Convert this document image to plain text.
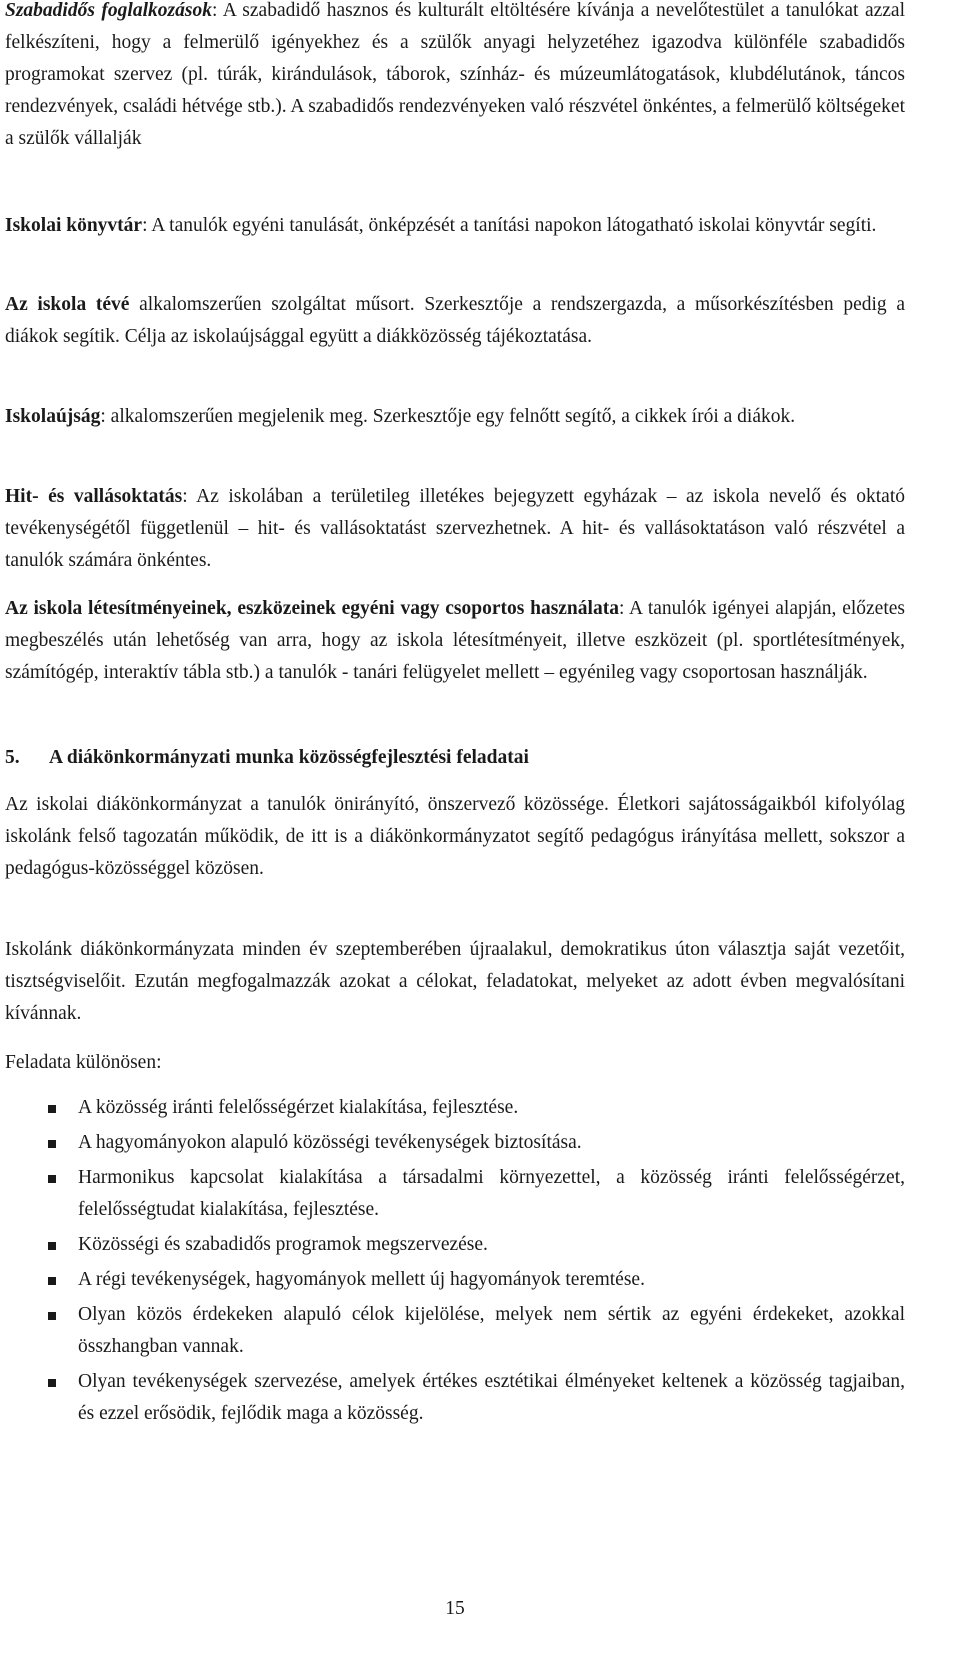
Szabadidős foglalkozások: A szabadidő hasznos és kulturált eltöltésére kívánja a nevelőtestület a tanulókat azzal felkészíteni, hogy a felmerülő igényekhez és a szülők anyagi helyzetéhez igazodva különféle szabadidős programokat szervez (pl. túrák, kirándulások, táborok, színház- és múzeumlátogatások, klubdélutánok, táncos rendezvények, családi hétvége stb.). A szabadidős rendezvényeken való részvétel önkéntes, a felmerülő költségeket a szülők vállalják

Iskolai könyvtár: A tanulók egyéni tanulását, önképzését a tanítási napokon látogatható iskolai könyvtár segíti.

Az iskola tévé alkalomszerűen szolgáltat műsort. Szerkesztője a rendszergazda, a műsorkészítésben pedig a diákok segítik. Célja az iskolaújsággal együtt a diákközösség tájékoztatása.

Iskolaújság: alkalomszerűen megjelenik meg. Szerkesztője egy felnőtt segítő, a cikkek írói a diákok.

Hit- és vallásoktatás: Az iskolában a területileg illetékes bejegyzett egyházak – az iskola nevelő és oktató tevékenységétől függetlenül – hit- és vallásoktatást szervezhetnek. A hit- és vallásoktatáson való részvétel a tanulók számára önkéntes.

Az iskola létesítményeinek, eszközeinek egyéni vagy csoportos használata: A tanulók igényei alapján, előzetes megbeszélés után lehetőség van arra, hogy az iskola létesítményeit, illetve eszközeit (pl. sportlétesítmények, számítógép, interaktív tábla stb.) a tanulók - tanári felügyelet mellett – egyénileg vagy csoportosan használják.

5. A diákönkormányzati munka közösségfejlesztési feladatai

Az iskolai diákönkormányzat a tanulók önirányító, önszervező közössége. Életkori sajátosságaikból kifolyólag iskolánk felső tagozatán működik, de itt is a diákönkormányzatot segítő pedagógus irányítása mellett, sokszor a pedagógus-közösséggel közösen.

Iskolánk diákönkormányzata minden év szeptemberében újraalakul, demokratikus úton választja saját vezetőit, tisztségviselőit. Ezután megfogalmazzák azokat a célokat, feladatokat, melyeket az adott évben megvalósítani kívánnak.

Feladata különösen:

A közösség iránti felelősségérzet kialakítása, fejlesztése.
A hagyományokon alapuló közösségi tevékenységek biztosítása.
Harmonikus kapcsolat kialakítása a társadalmi környezettel, a közösség iránti felelősségérzet, felelősségtudat kialakítása, fejlesztése.
Közösségi és szabadidős programok megszervezése.
A régi tevékenységek, hagyományok mellett új hagyományok teremtése.
Olyan közös érdekeken alapuló célok kijelölése, melyek nem sértik az egyéni érdekeket, azokkal összhangban vannak.
Olyan tevékenységek szervezése, amelyek értékes esztétikai élményeket keltenek a közösség tagjaiban, és ezzel erősödik, fejlődik maga a közösség.
15
